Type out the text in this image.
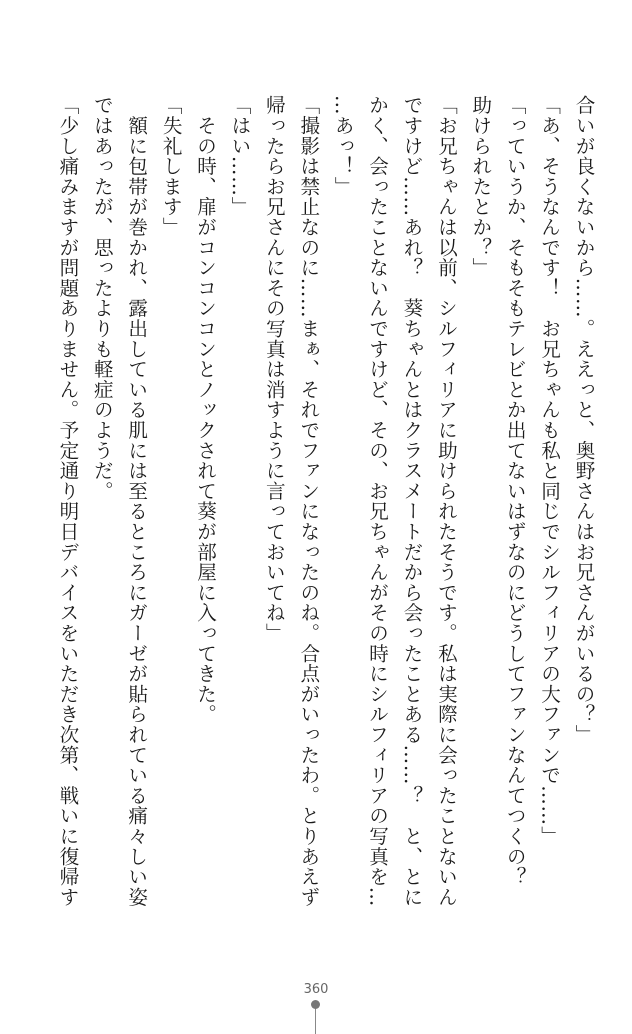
合いが良くないから……。ええっと、奥野さんはお兄さんがいるの？」
「あ、そうなんです！　お兄ちゃんも私と同じでシルフィリアの大ファンで……」
「っていうか、そもそもテレビとか出てないはずなのにどうしてファンなんてつくの？
助けられたとか？」
「お兄ちゃんは以前、シルフィリアに助けられたそうです。私は実際に会ったことないん
ですけど……あれ？　葵ちゃんとはクラスメートだから会ったことある……？　と、とに
かく、会ったことないんですけど、その、お兄ちゃんがその時にシルフィリアの写真を…
…あっ！」
「撮影は禁止なのに……まぁ、それでファンになったのね。合点がいったわ。とりあえず
帰ったらお兄さんにその写真は消すように言っておいてね」
「はい……」
　その時、扉がコンコンコンとノックされて葵が部屋に入ってきた。
「失礼します」
　額に包帯が巻かれ、露出している肌には至るところにガーゼが貼られている痛々しい姿
ではあったが、思ったよりも軽症のようだ。
「少し痛みますが問題ありません。予定通り明日デバイスをいただき次第、戦いに復帰す
360
